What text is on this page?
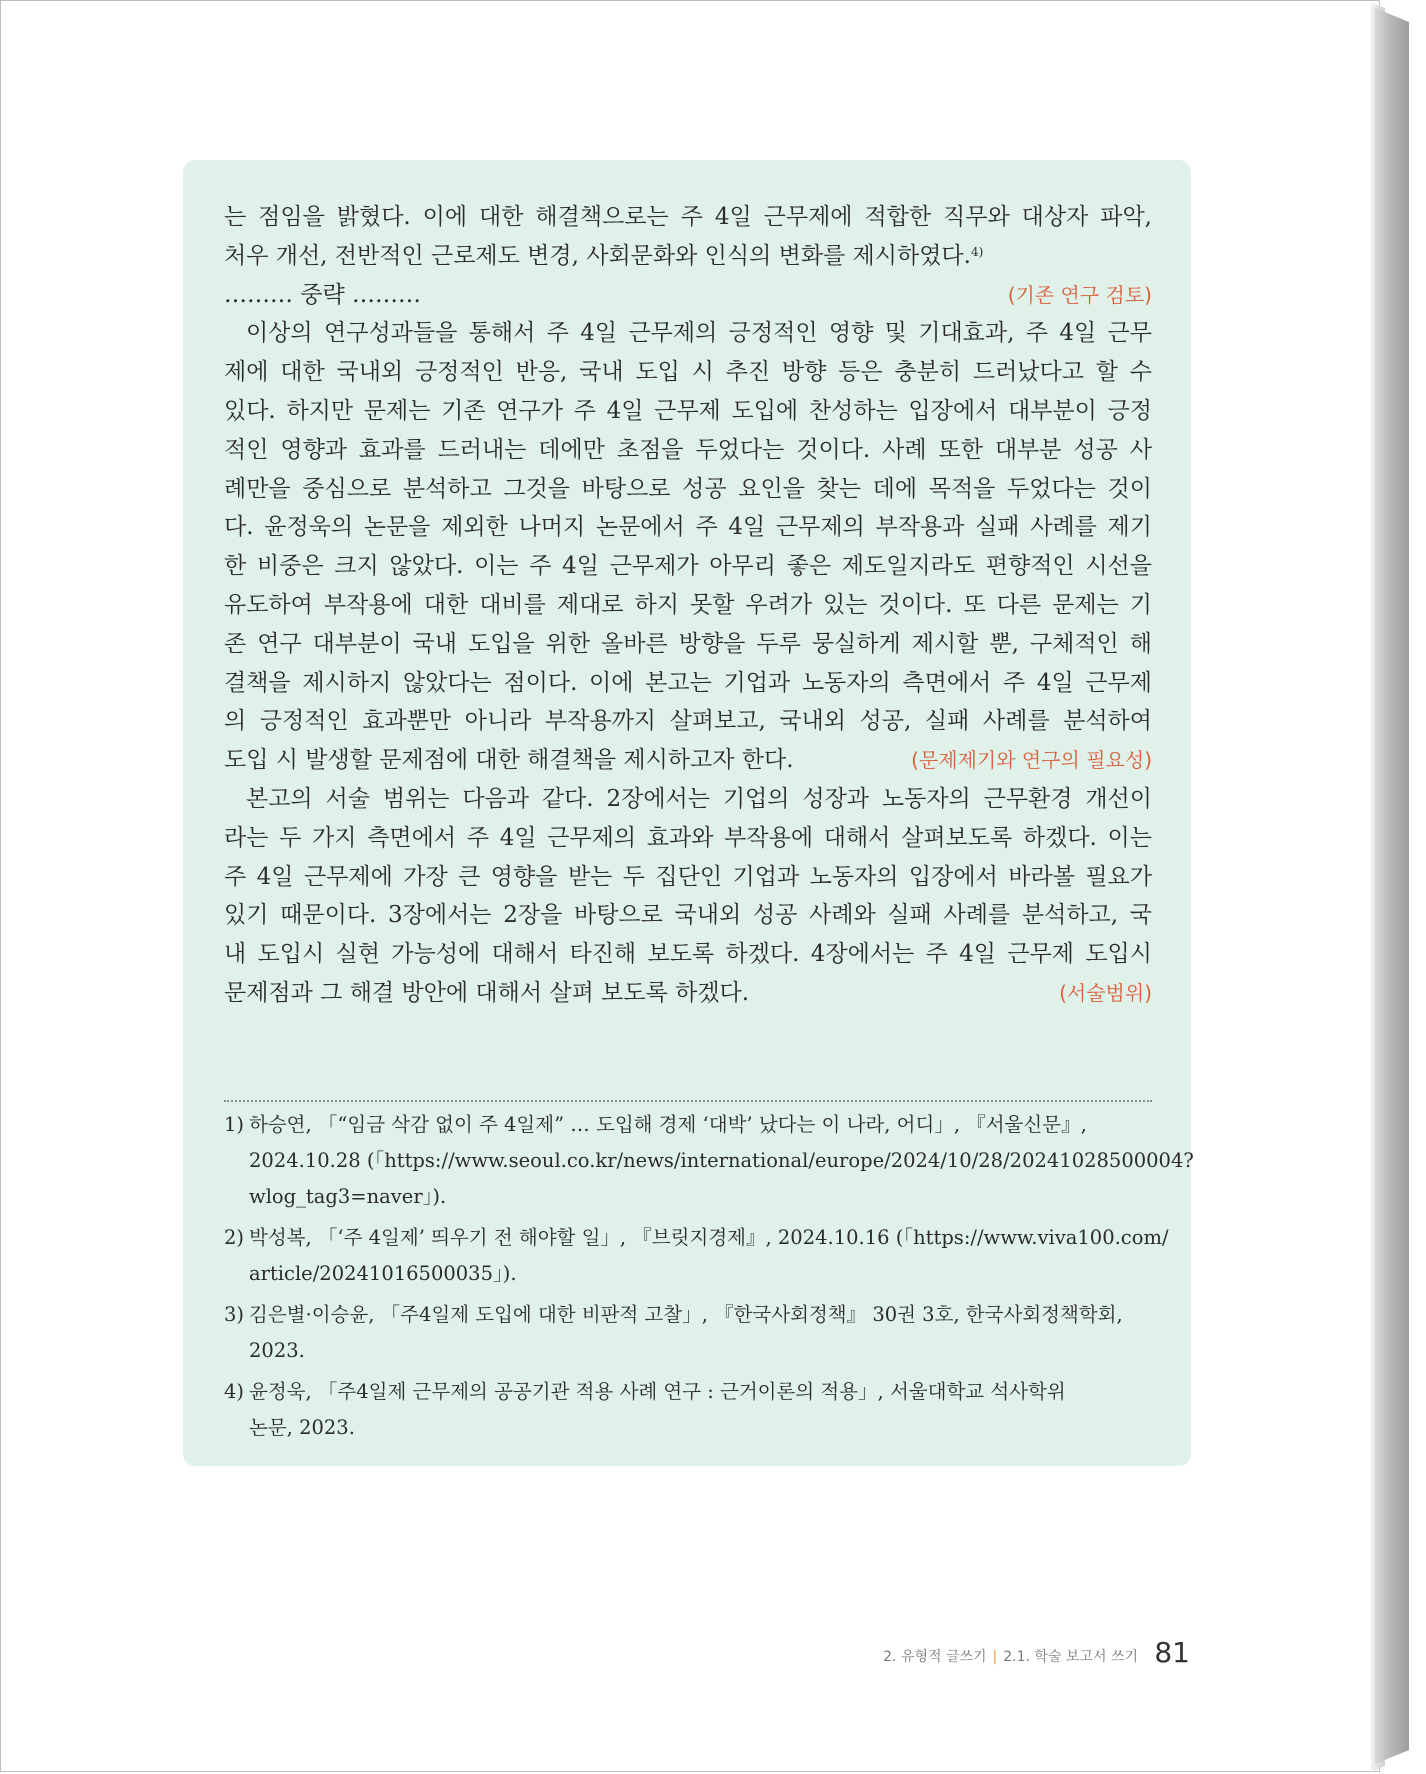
는 점임을 밝혔다. 이에 대한 해결책으로는 주 4일 근무제에 적합한 직무와 대상자 파악,
처우 개선, 전반적인 근로제도 변경, 사회문화와 인식의 변화를 제시하였다.$^{4)}$
……… 중략 ………	(기존 연구 검토)
이상의 연구성과들을 통해서 주 4일 근무제의 긍정적인 영향 및 기대효과, 주 4일 근무
제에 대한 국내외 긍정적인 반응, 국내 도입 시 추진 방향 등은 충분히 드러났다고 할 수
있다. 하지만 문제는 기존 연구가 주 4일 근무제 도입에 찬성하는 입장에서 대부분이 긍정
적인 영향과 효과를 드러내는 데에만 초점을 두었다는 것이다. 사례 또한 대부분 성공 사
례만을 중심으로 분석하고 그것을 바탕으로 성공 요인을 찾는 데에 목적을 두었다는 것이
다. 윤정욱의 논문을 제외한 나머지 논문에서 주 4일 근무제의 부작용과 실패 사례를 제기
한 비중은 크지 않았다. 이는 주 4일 근무제가 아무리 좋은 제도일지라도 편향적인 시선을
유도하여 부작용에 대한 대비를 제대로 하지 못할 우려가 있는 것이다. 또 다른 문제는 기
존 연구 대부분이 국내 도입을 위한 올바른 방향을 두루 뭉실하게 제시할 뿐, 구체적인 해
결책을 제시하지 않았다는 점이다. 이에 본고는 기업과 노동자의 측면에서 주 4일 근무제
의 긍정적인 효과뿐만 아니라 부작용까지 살펴보고, 국내외 성공, 실패 사례를 분석하여
도입 시 발생할 문제점에 대한 해결책을 제시하고자 한다.	(문제제기와 연구의 필요성)
본고의 서술 범위는 다음과 같다. 2장에서는 기업의 성장과 노동자의 근무환경 개선이
라는 두 가지 측면에서 주 4일 근무제의 효과와 부작용에 대해서 살펴보도록 하겠다. 이는
주 4일 근무제에 가장 큰 영향을 받는 두 집단인 기업과 노동자의 입장에서 바라볼 필요가
있기 때문이다. 3장에서는 2장을 바탕으로 국내외 성공 사례와 실패 사례를 분석하고, 국
내 도입시 실현 가능성에 대해서 타진해 보도록 하겠다. 4장에서는 주 4일 근무제 도입시
문제점과 그 해결 방안에 대해서 살펴 보도록 하겠다.	(서술범위)
1) 하승연, 「“임금 삭감 없이 주 4일제” … 도입해 경제 ‘대박’ 났다는 이 나라, 어디」, 『서울신문』,
2024.10.28 (「https://www.seoul.co.kr/news/international/europe/2024/10/28/20241028500004?
wlog_tag3=naver」).
2) 박성복, 「‘주 4일제’ 띄우기 전 해야할 일」, 『브릿지경제』, 2024.10.16 (「https://www.viva100.com/
article/20241016500035」).
3) 김은별·이승윤, 「주4일제 도입에 대한 비판적 고찰」, 『한국사회정책』 30권 3호, 한국사회정책학회,
2023.
4) 윤정욱, 「주4일제 근무제의 공공기관 적용 사례 연구 : 근거이론의 적용」, 서울대학교 석사학위
논문, 2023.
2. 유형적 글쓰기 | 2.1. 학술 보고서 쓰기 81
